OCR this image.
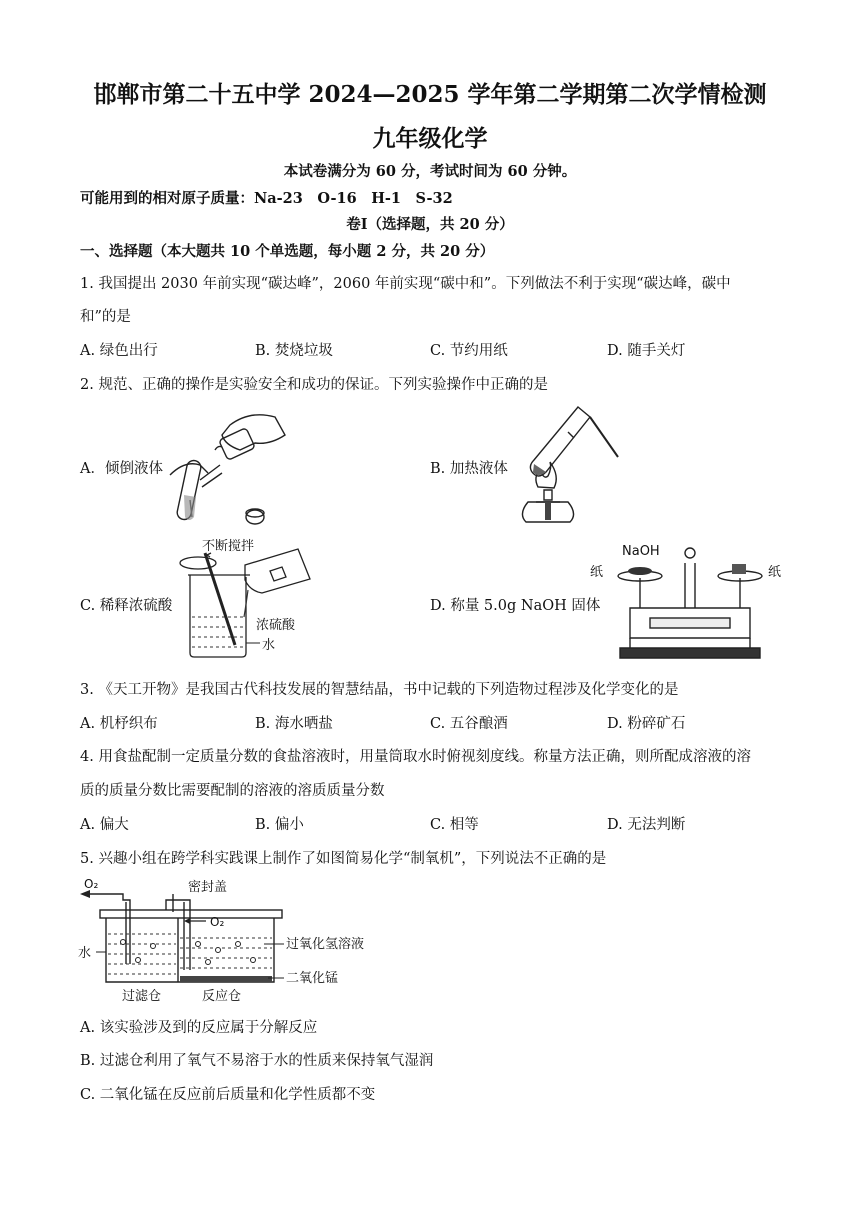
邯郸市第二十五中学 2024—2025 学年第二学期第二次学情检测
九年级化学
本试卷满分为 60 分，考试时间为 60 分钟。
可能用到的相对原子质量：Na-23　O-16　H-1　S-32
卷Ⅰ（选择题，共 20 分）
一、选择题（本大题共 10 个单选题，每小题 2 分，共 20 分）
1. 我国提出 2030 年前实现“碳达峰”，2060 年前实现“碳中和”。下列做法不利于实现“碳达峰，碳中
和”的是
A. 绿色出行	B. 焚烧垃圾	C. 节约用纸	D. 随手关灯
2. 规范、正确的操作是实验安全和成功的保证。下列实验操作中正确的是
A．倾倒液体	B. 加热液体
C. 稀释浓硫酸	D. 称量 5.0g NaOH 固体
不断搅拌
浓硫酸
水
NaOH
纸	纸
3. 《天工开物》是我国古代科技发展的智慧结晶，书中记载的下列造物过程涉及化学变化的是
A. 机杼织布	B. 海水晒盐	C. 五谷酿酒	D. 粉碎矿石
4. 用食盐配制一定质量分数的食盐溶液时，用量筒取水时俯视刻度线。称量方法正确，则所配成溶液的溶
质的质量分数比需要配制的溶液的溶质质量分数
A. 偏大	B. 偏小	C. 相等	D. 无法判断
5. 兴趣小组在跨学科实践课上制作了如图简易化学“制氧机”，下列说法不正确的是
O₂	密封盖
O₂
水
过氧化氢溶液
二氧化锰
过滤仓	反应仓
A. 该实验涉及到的反应属于分解反应
B. 过滤仓利用了氧气不易溶于水的性质来保持氧气湿润
C. 二氧化锰在反应前后质量和化学性质都不变
